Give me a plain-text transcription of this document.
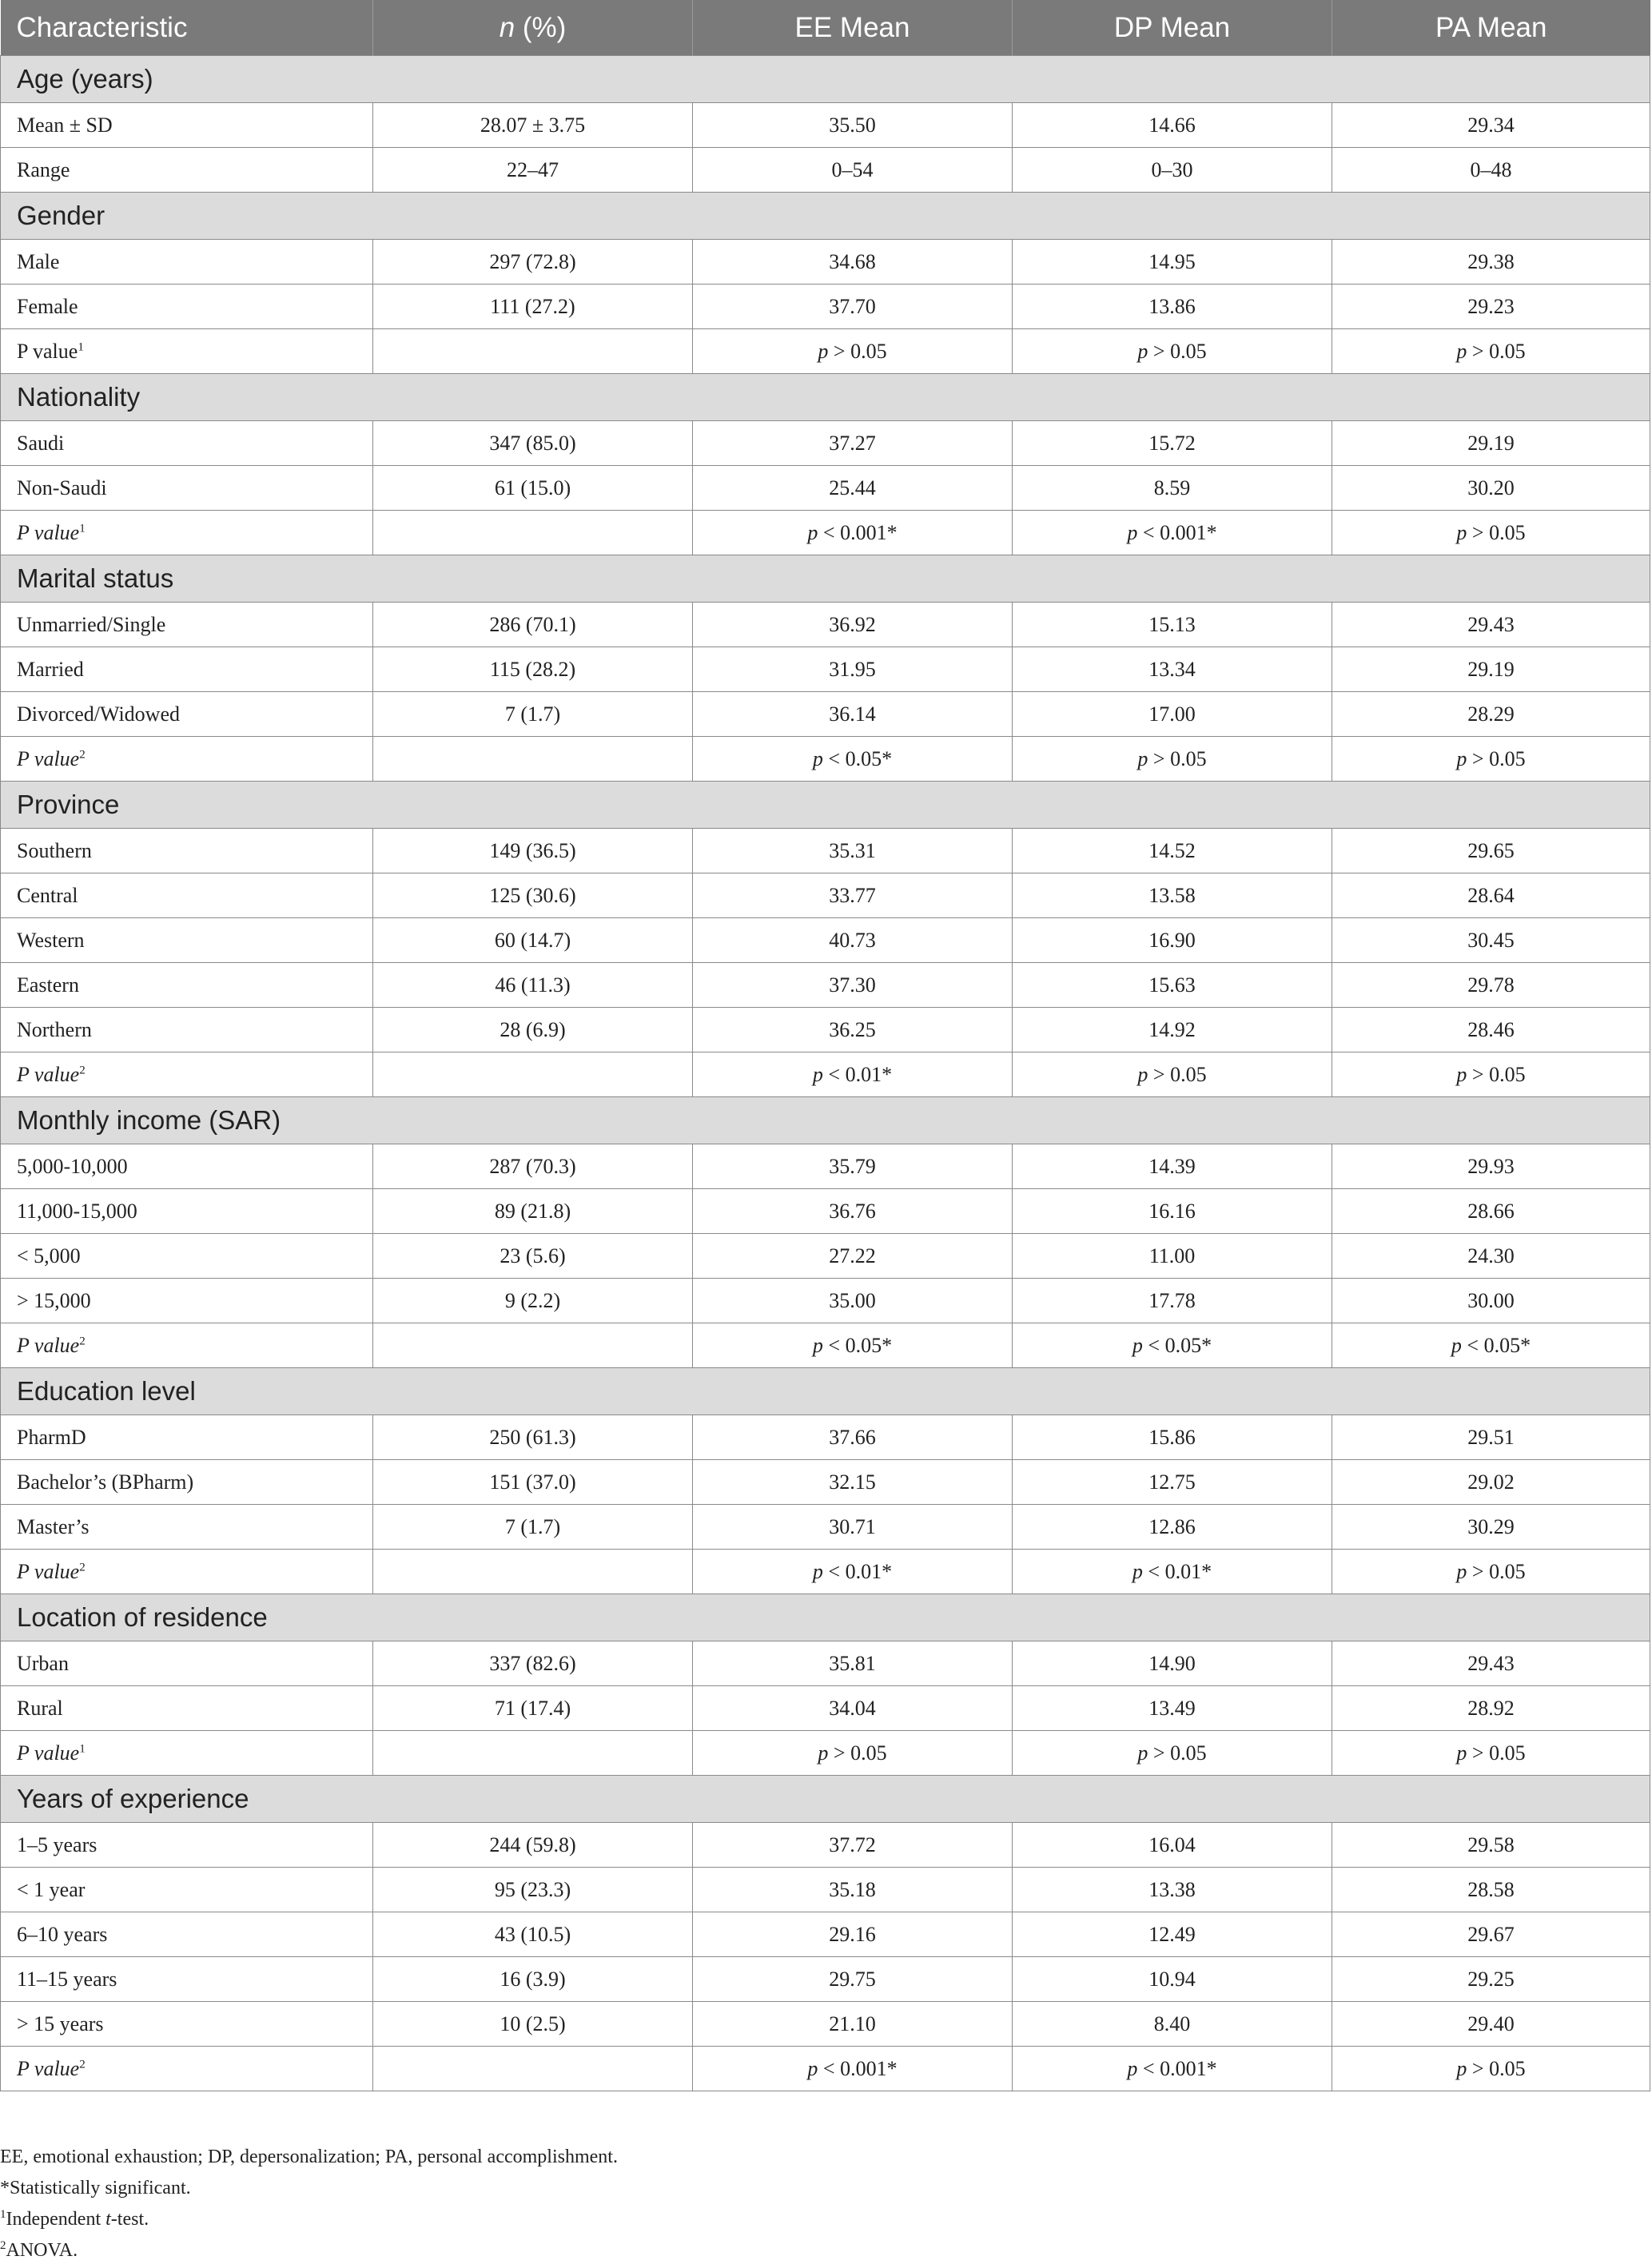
Characteristic	n (%)	EE Mean	DP Mean	PA Mean
Age (years)				
Mean ± SD	28.07 ± 3.75	35.50	14.66	29.34
Range	22–47	0–54	0–30	0–48
Gender				
Male	297 (72.8)	34.68	14.95	29.38
Female	111 (27.2)	37.70	13.86	29.23
P value$^1$		p > 0.05	p > 0.05	p > 0.05
Nationality				
Saudi	347 (85.0)	37.27	15.72	29.19
Non-Saudi	61 (15.0)	25.44	8.59	30.20
P value$^1$		p < 0.001*	p < 0.001*	p > 0.05
Marital status				
Unmarried/Single	286 (70.1)	36.92	15.13	29.43
Married	115 (28.2)	31.95	13.34	29.19
Divorced/Widowed	7 (1.7)	36.14	17.00	28.29
P value$^2$		p < 0.05*	p > 0.05	p > 0.05
Province				
Southern	149 (36.5)	35.31	14.52	29.65
Central	125 (30.6)	33.77	13.58	28.64
Western	60 (14.7)	40.73	16.90	30.45
Eastern	46 (11.3)	37.30	15.63	29.78
Northern	28 (6.9)	36.25	14.92	28.46
P value$^2$		p < 0.01*	p > 0.05	p > 0.05
Monthly income (SAR)				
5,000-10,000	287 (70.3)	35.79	14.39	29.93
11,000-15,000	89 (21.8)	36.76	16.16	28.66
< 5,000	23 (5.6)	27.22	11.00	24.30
> 15,000	9 (2.2)	35.00	17.78	30.00
P value$^2$		p < 0.05*	p < 0.05*	p < 0.05*
Education level				
PharmD	250 (61.3)	37.66	15.86	29.51
Bachelor’s (BPharm)	151 (37.0)	32.15	12.75	29.02
Master’s	7 (1.7)	30.71	12.86	30.29
P value$^2$		p < 0.01*	p < 0.01*	p > 0.05
Location of residence				
Urban	337 (82.6)	35.81	14.90	29.43
Rural	71 (17.4)	34.04	13.49	28.92
P value$^1$		p > 0.05	p > 0.05	p > 0.05
Years of experience				
1–5 years	244 (59.8)	37.72	16.04	29.58
< 1 year	95 (23.3)	35.18	13.38	28.58
6–10 years	43 (10.5)	29.16	12.49	29.67
11–15 years	16 (3.9)	29.75	10.94	29.25
> 15 years	10 (2.5)	21.10	8.40	29.40
P value$^2$		p < 0.001*	p < 0.001*	p > 0.05
EE, emotional exhaustion; DP, depersonalization; PA, personal accomplishment.
*Statistically significant.
$^1$Independent t-test.
$^2$ANOVA.
